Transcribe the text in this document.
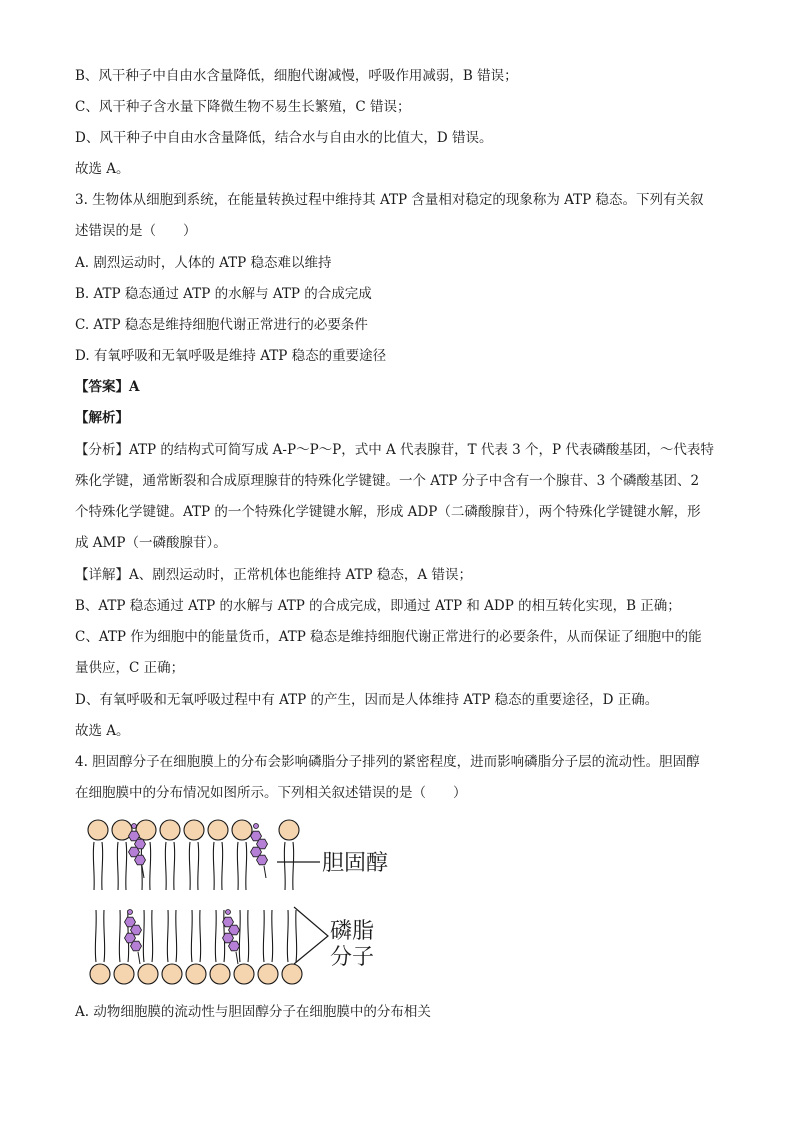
B、风干种子中自由水含量降低，细胞代谢减慢，呼吸作用减弱，B 错误；
C、风干种子含水量下降微生物不易生长繁殖，C 错误；
D、风干种子中自由水含量降低，结合水与自由水的比值大，D 错误。
故选 A。
3. 生物体从细胞到系统，在能量转换过程中维持其 ATP 含量相对稳定的现象称为 ATP 稳态。下列有关叙
述错误的是（　　）
A. 剧烈运动时，人体的 ATP 稳态难以维持
B. ATP 稳态通过 ATP 的水解与 ATP 的合成完成
C. ATP 稳态是维持细胞代谢正常进行的必要条件
D. 有氧呼吸和无氧呼吸是维持 ATP 稳态的重要途径
【答案】A
【解析】
【分析】ATP 的结构式可简写成 A-P～P～P，式中 A 代表腺苷，T 代表 3 个，P 代表磷酸基团，～代表特
殊化学键，通常断裂和合成原理腺苷的特殊化学键键。一个 ATP 分子中含有一个腺苷、3 个磷酸基团、2
个特殊化学键键。ATP 的一个特殊化学键键水解，形成 ADP（二磷酸腺苷），两个特殊化学键键水解，形
成 AMP（一磷酸腺苷）。
【详解】A、剧烈运动时，正常机体也能维持 ATP 稳态，A 错误；
B、ATP 稳态通过 ATP 的水解与 ATP 的合成完成，即通过 ATP 和 ADP 的相互转化实现，B 正确；
C、ATP 作为细胞中的能量货币，ATP 稳态是维持细胞代谢正常进行的必要条件，从而保证了细胞中的能
量供应，C 正确；
D、有氧呼吸和无氧呼吸过程中有 ATP 的产生，因而是人体维持 ATP 稳态的重要途径，D 正确。
故选 A。
4. 胆固醇分子在细胞膜上的分布会影响磷脂分子排列的紧密程度，进而影响磷脂分子层的流动性。胆固醇
在细胞膜中的分布情况如图所示。下列相关叙述错误的是（　　）
胆固醇
磷脂
分子
A. 动物细胞膜的流动性与胆固醇分子在细胞膜中的分布相关
